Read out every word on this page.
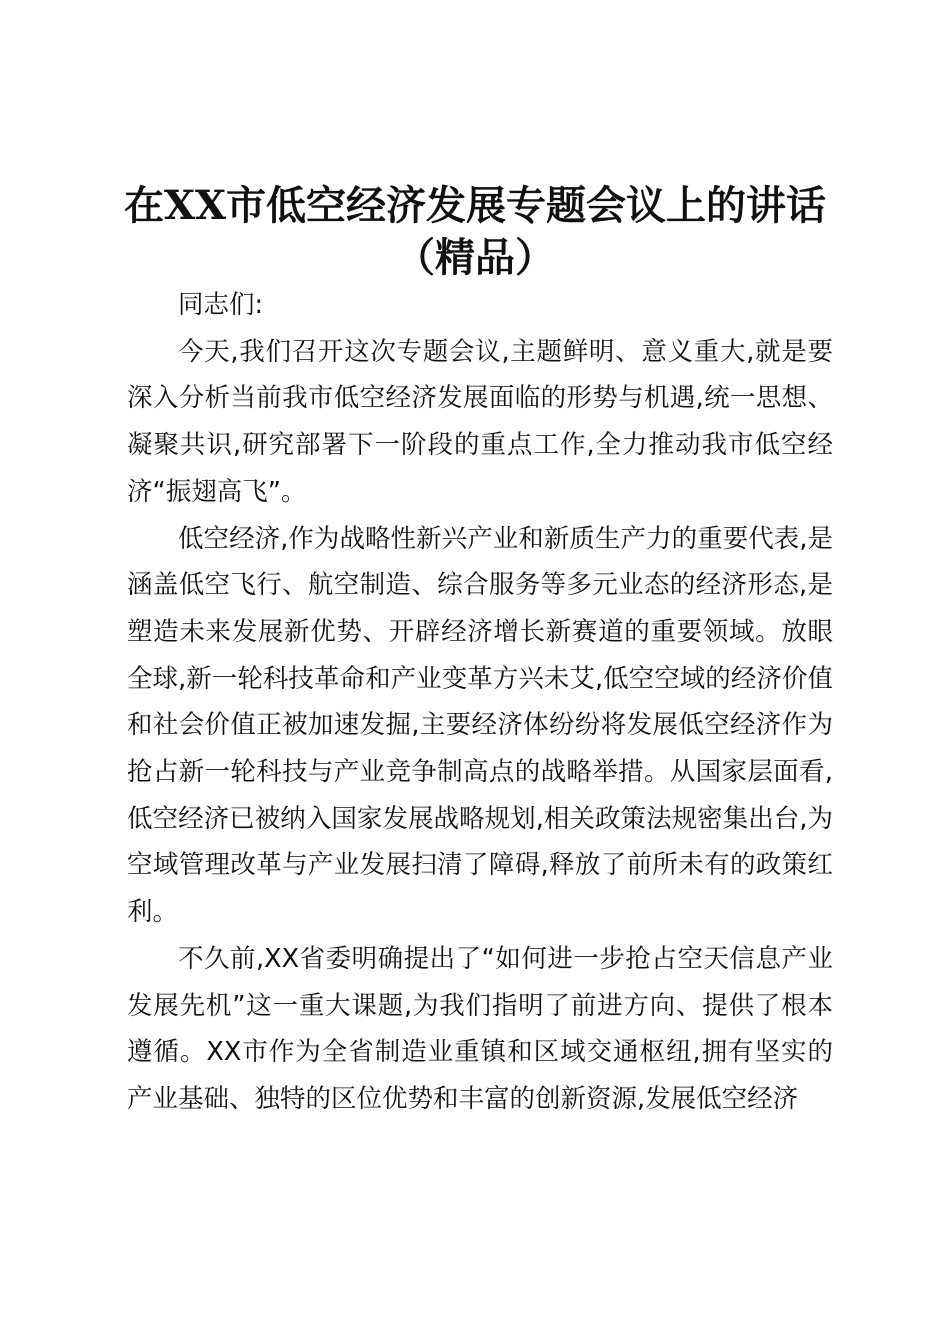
在XX市低空经济发展专题会议上的讲话（精品）

同志们:

今天,我们召开这次专题会议,主题鲜明、意义重大,就是要深入分析当前我市低空经济发展面临的形势与机遇,统一思想、凝聚共识,研究部署下一阶段的重点工作,全力推动我市低空经济“振翅高飞”。

低空经济,作为战略性新兴产业和新质生产力的重要代表,是涵盖低空飞行、航空制造、综合服务等多元业态的经济形态,是塑造未来发展新优势、开辟经济增长新赛道的重要领域。放眼全球,新一轮科技革命和产业变革方兴未艾,低空空域的经济价值和社会价值正被加速发掘,主要经济体纷纷将发展低空经济作为抢占新一轮科技与产业竞争制高点的战略举措。从国家层面看,低空经济已被纳入国家发展战略规划,相关政策法规密集出台,为空域管理改革与产业发展扫清了障碍,释放了前所未有的政策红利。

不久前,XX省委明确提出了“如何进一步抢占空天信息产业发展先机”这一重大课题,为我们指明了前进方向、提供了根本遵循。XX市作为全省制造业重镇和区域交通枢纽,拥有坚实的产业基础、独特的区位优势和丰富的创新资源,发展低空经济
